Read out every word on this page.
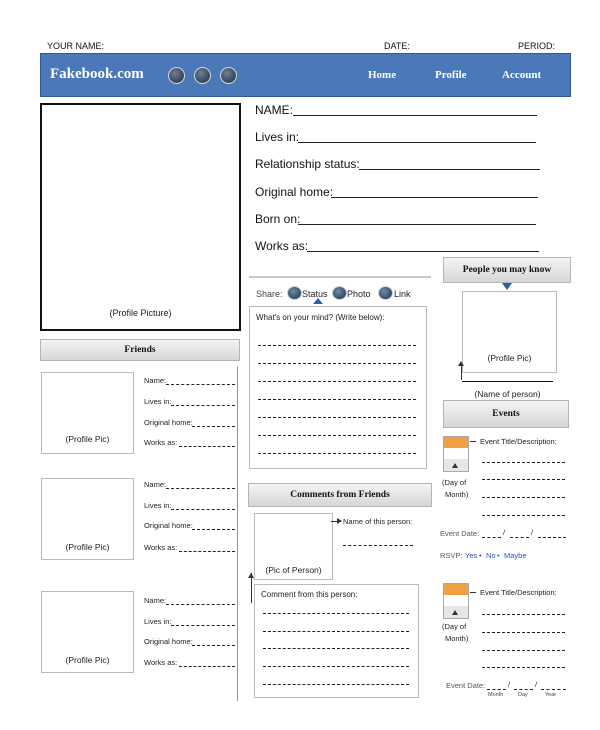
YOUR NAME:	DATE:	PERIOD:
Fakebook.com	Home	Profile	Account
(Profile Picture)
NAME:
Lives in:
Relationship status:
Original home:
Born on:
Works as:
Share: Status Photo	Link
What's on your mind? (Write below):
Friends
(Profile Pic)
Name:
Lives in:
Original home:
Works as:
(Profile Pic)
Name:
Lives in:
Original home:
Works as:
(Profile Pic)
Name:
Lives in:
Original home:
Works as:
Comments from Friends
(Pic of Person)
Name of this person:
Comment from this person:
People you may know
(Profile Pic)
(Name of person)
Events
(Day of
Month)
Event Title/Description:
Event Date:	/	/
RSVP: Yes • No • Maybe
(Day of
Month)
Event Title/Description:
Event Date:	/	/
Month	Day	Year
